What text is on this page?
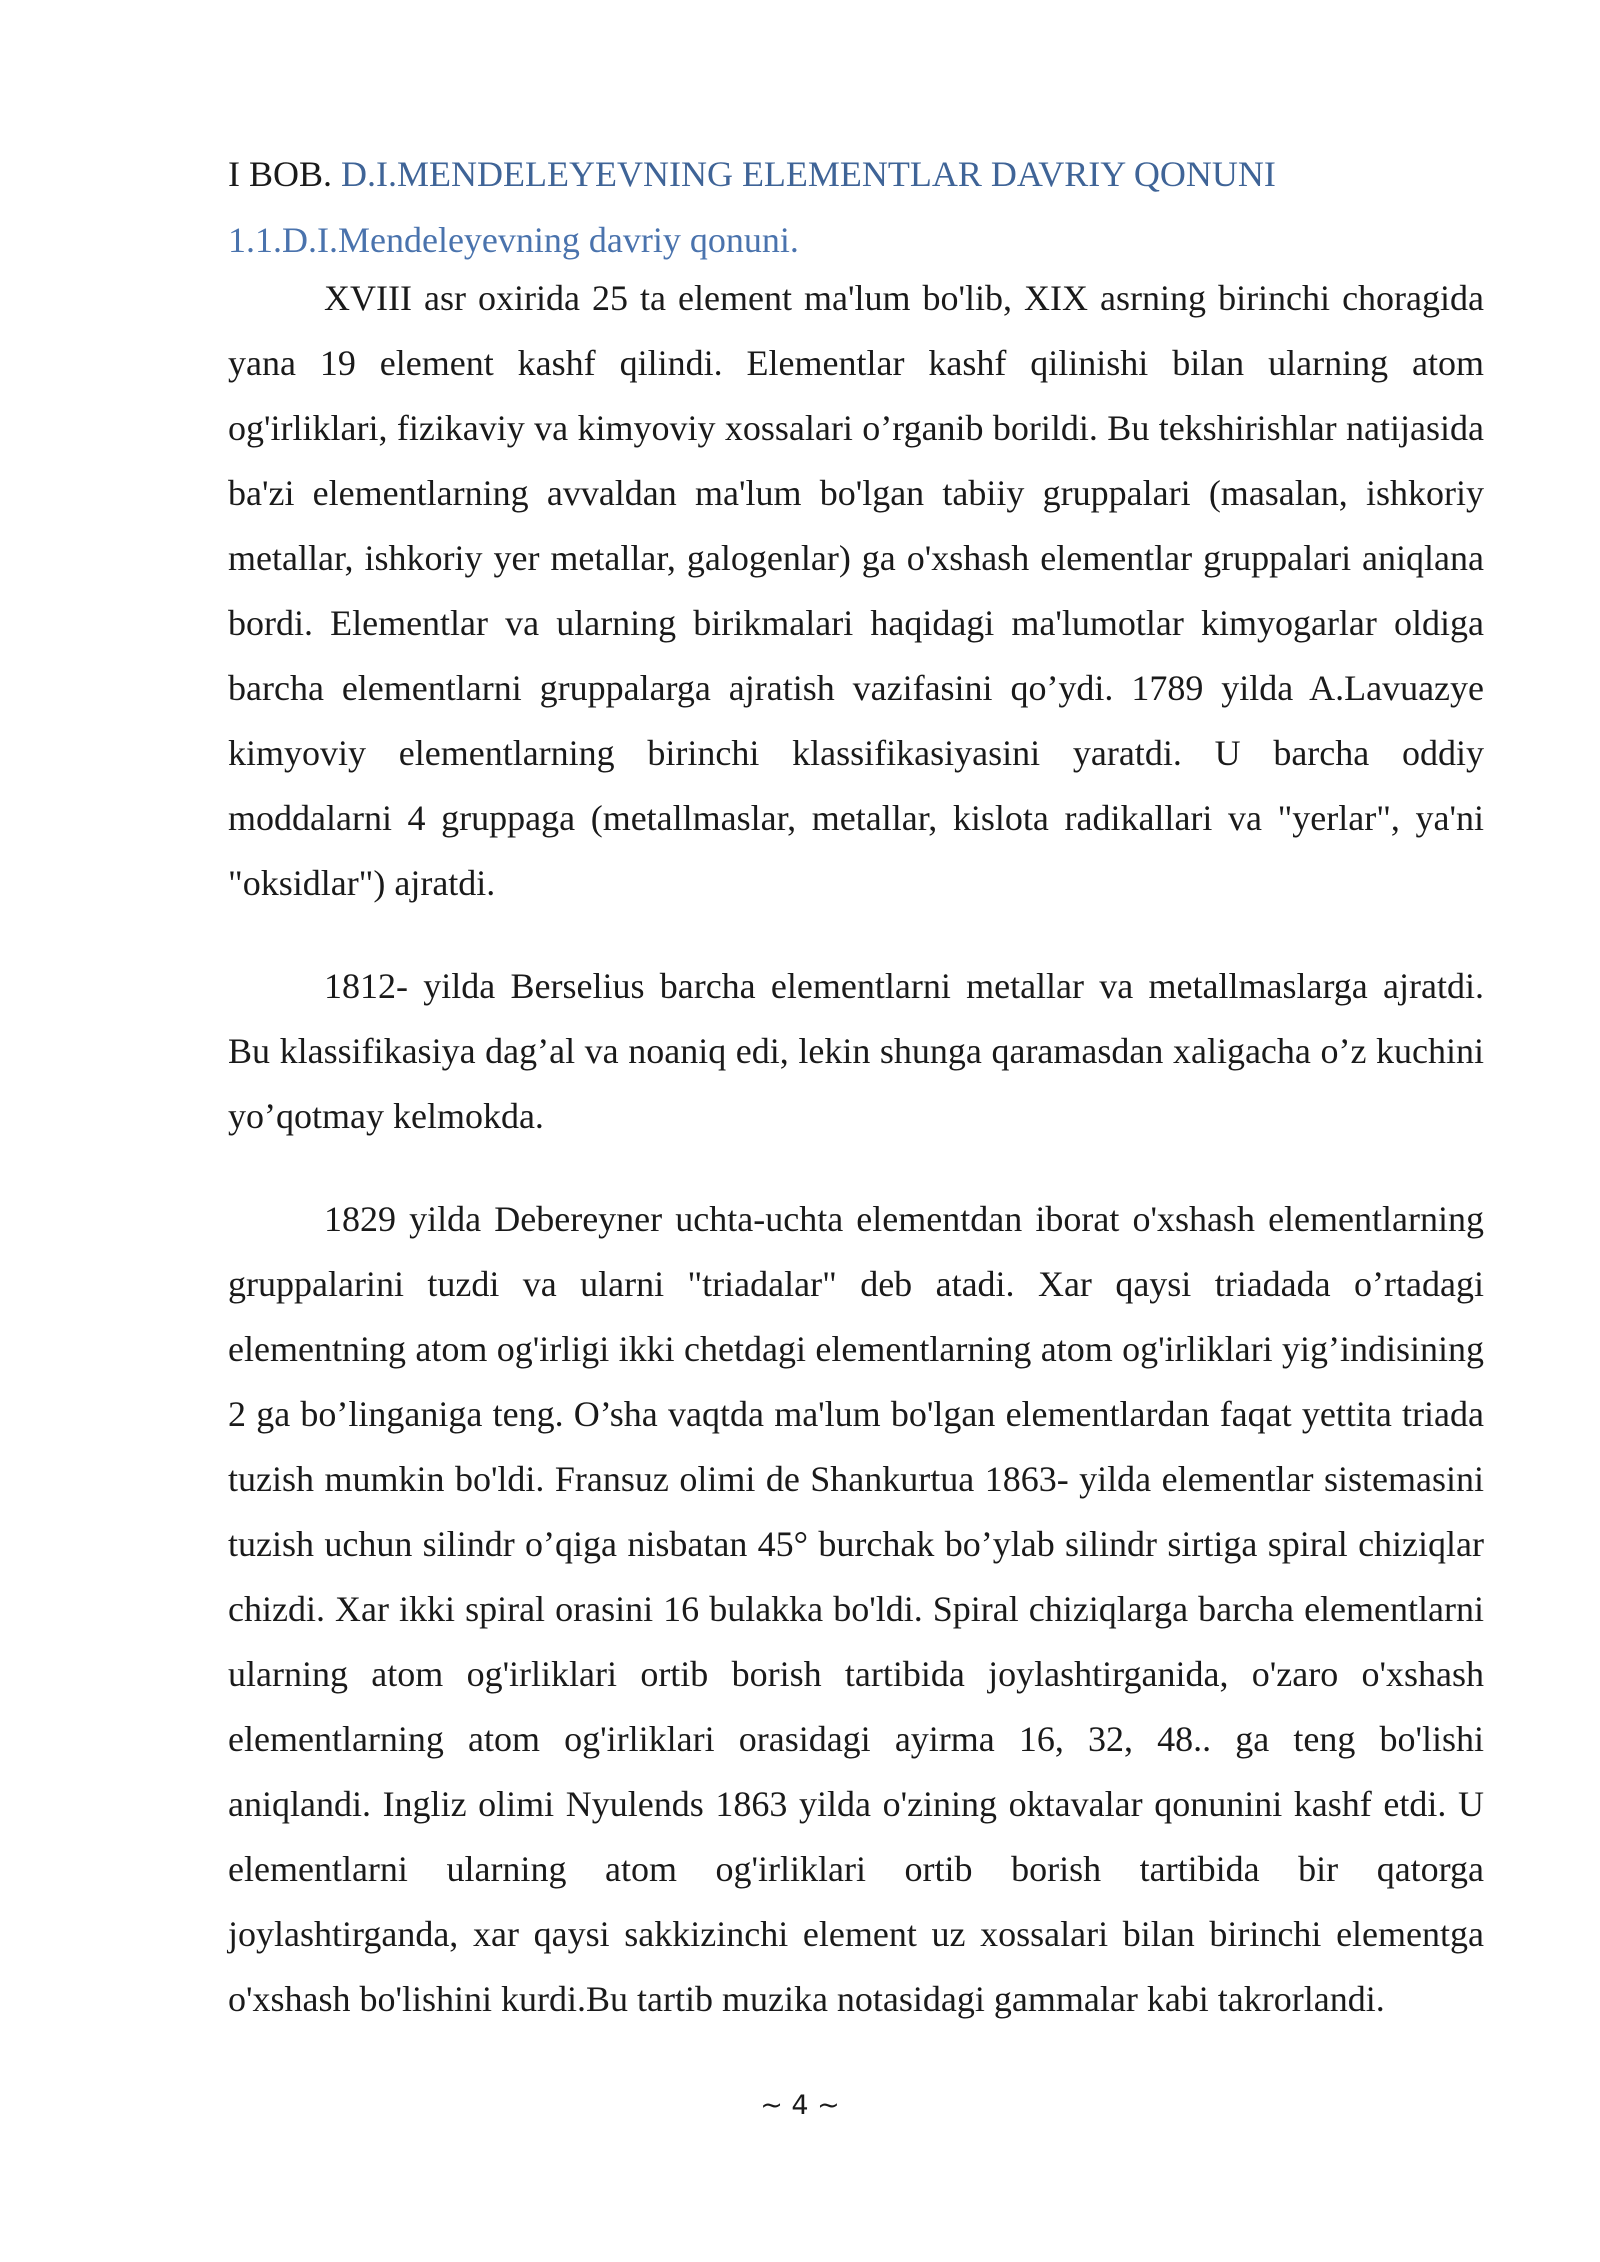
I BOB. D.I.MENDELEYEVNING ELEMENTLAR DAVRIY QONUNI
1.1.D.I.Mendeleyevning davriy qonuni.

XVIII asr oxirida 25 ta element ma'lum bo'lib, XIX asrning birinchi choragida yana 19 element kashf qilindi. Elementlar kashf qilinishi bilan ularning atom og'irliklari, fizikaviy va kimyoviy xossalari o’rganib borildi. Bu tekshirishlar natijasida ba'zi elementlarning avvaldan ma'lum bo'lgan tabiiy gruppalari (masalan, ishkoriy metallar, ishkoriy yer metallar, galogenlar) ga o'xshash elementlar gruppalari aniqlana bordi. Elementlar va ularning birikmalari haqidagi ma'lumotlar kimyogarlar oldiga barcha elementlarni gruppalarga ajratish vazifasini qo’ydi. 1789 yilda A.Lavuazye kimyoviy elementlarning birinchi klassifikasiyasini yaratdi. U barcha oddiy moddalarni 4 gruppaga (metallmaslar, metallar, kislota radikallari va "yerlar", ya'ni "oksidlar") ajratdi.

1812- yilda Berselius barcha elementlarni metallar va metallmaslarga ajratdi. Bu klassifikasiya dag’al va noaniq edi, lekin shunga qaramasdan xaligacha o’z kuchini yo’qotmay kelmokda.

1829 yilda Debereyner uchta-uchta elementdan iborat o'xshash elementlarning gruppalarini tuzdi va ularni "triadalar" deb atadi. Xar qaysi triadada o’rtadagi elementning atom og'irligi ikki chetdagi elementlarning atom og'irliklari yig’indisining 2 ga bo’linganiga teng. O’sha vaqtda ma'lum bo'lgan elementlardan faqat yettita triada tuzish mumkin bo'ldi. Fransuz olimi de Shankurtua 1863- yilda elementlar sistemasini tuzish uchun silindr o’qiga nisbatan 45° burchak bo’ylab silindr sirtiga spiral chiziqlar chizdi. Xar ikki spiral orasini 16 bulakka bo'ldi. Spiral chiziqlarga barcha elementlarni ularning atom og'irliklari ortib borish tartibida joylashtirganida, o'zaro o'xshash elementlarning atom og'irliklari orasidagi ayirma 16, 32, 48.. ga teng bo'lishi aniqlandi. Ingliz olimi Nyulends 1863 yilda o'zining oktavalar qonunini kashf etdi. U elementlarni ularning atom og'irliklari ortib borish tartibida bir qatorga joylashtirganda, xar qaysi sakkizinchi element uz xossalari bilan birinchi elementga o'xshash bo'lishini kurdi.Bu tartib muzika notasidagi gammalar kabi takrorlandi.

~ 4 ~
